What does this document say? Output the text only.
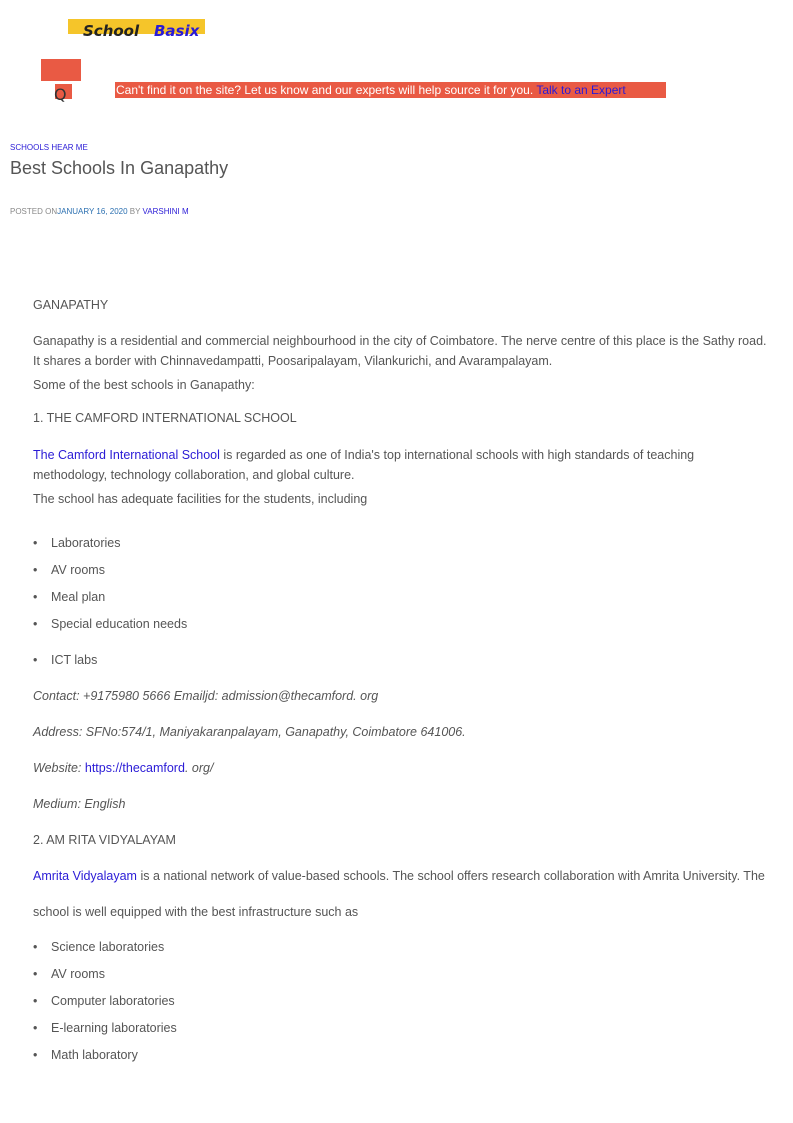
School Basix
Q	Can't find it on the site? Let us know and our experts will help source it for you. Talk to an Expert
SCHOOLS HEAR ME
Best Schools In Ganapathy
POSTED ONJANUARY 16, 2020 BY VARSHINI M
GANAPATHY
Ganapathy is a residential and commercial neighbourhood in the city of Coimbatore. The nerve centre of this place is the Sathy road.
It shares a border with Chinnavedampatti, Poosaripalayam, Vilankurichi, and Avarampalayam.
Some of the best schools in Ganapathy:
1. THE CAMFORD INTERNATIONAL SCHOOL
The Camford International School is regarded as one of India's top international schools with high standards of teaching
methodology, technology collaboration, and global culture.
The school has adequate facilities for the students, including
• Laboratories
• AV rooms
• Meal plan
• Special education needs
• ICT labs
Contact: +9175980 5666 Emailjd: admission@thecamford. org
Address: SFNo:574/1, Maniyakaranpalayam, Ganapathy, Coimbatore 641006.
Website: https://thecamford. org/
Medium: English
2. AM RITA VIDYALAYAM
Amrita Vidyalayam is a national network of value-based schools. The school offers research collaboration with Amrita University. The
school is well equipped with the best infrastructure such as
• Science laboratories
• AV rooms
• Computer laboratories
• E-learning laboratories
• Math laboratory
